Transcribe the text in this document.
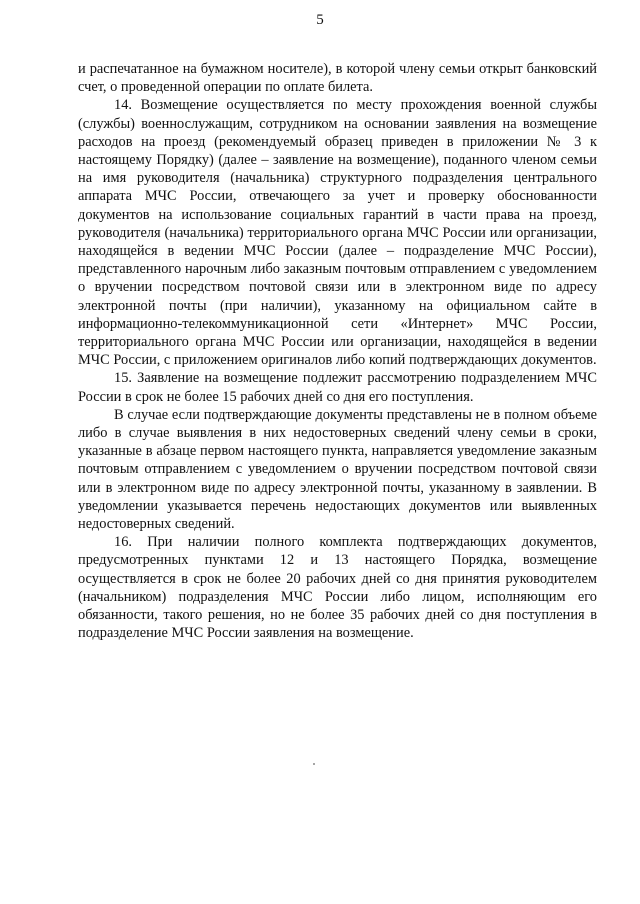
5

и распечатанное на бумажном носителе), в которой члену семьи открыт банковский счет, о проведенной операции по оплате билета.

14. Возмещение осуществляется по месту прохождения военной службы (службы) военнослужащим, сотрудником на основании заявления на возмещение расходов на проезд (рекомендуемый образец приведен в приложении № 3 к настоящему Порядку) (далее – заявление на возмещение), поданного членом семьи на имя руководителя (начальника) структурного подразделения центрального аппарата МЧС России, отвечающего за учет и проверку обоснованности документов на использование социальных гарантий в части права на проезд, руководителя (начальника) территориального органа МЧС России или организации, находящейся в ведении МЧС России (далее – подразделение МЧС России), представленного нарочным либо заказным почтовым отправлением с уведомлением о вручении посредством почтовой связи или в электронном виде по адресу электронной почты (при наличии), указанному на официальном сайте в информационно-телекоммуникационной сети «Интернет» МЧС России, территориального органа МЧС России или организации, находящейся в ведении МЧС России, с приложением оригиналов либо копий подтверждающих документов.

15. Заявление на возмещение подлежит рассмотрению подразделением МЧС России в срок не более 15 рабочих дней со дня его поступления.

В случае если подтверждающие документы представлены не в полном объеме либо в случае выявления в них недостоверных сведений члену семьи в сроки, указанные в абзаце первом настоящего пункта, направляется уведомление заказным почтовым отправлением с уведомлением о вручении посредством почтовой связи или в электронном виде по адресу электронной почты, указанному в заявлении. В уведомлении указывается перечень недостающих документов или выявленных недостоверных сведений.

16. При наличии полного комплекта подтверждающих документов, предусмотренных пунктами 12 и 13 настоящего Порядка, возмещение осуществляется в срок не более 20 рабочих дней со дня принятия руководителем (начальником) подразделения МЧС России либо лицом, исполняющим его обязанности, такого решения, но не более 35 рабочих дней со дня поступления в подразделение МЧС России заявления на возмещение.
